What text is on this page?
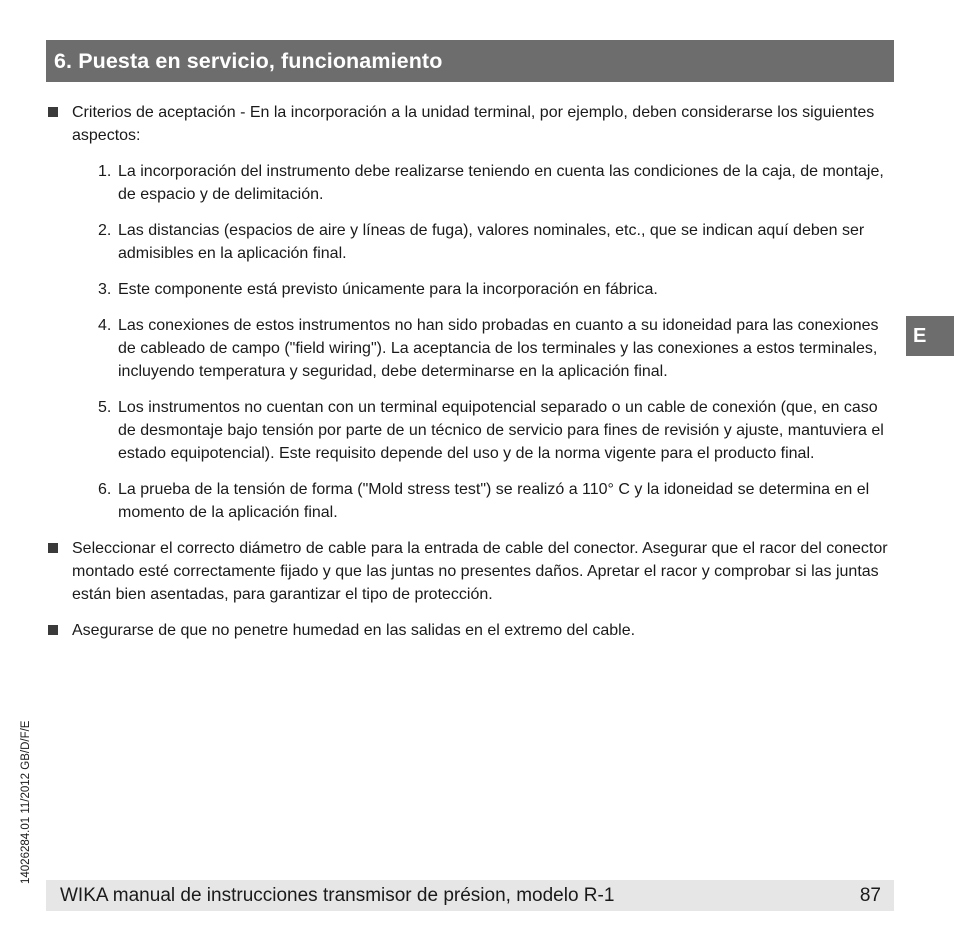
6. Puesta en servicio, funcionamiento

Criterios de aceptación - En la incorporación a la unidad terminal, por ejemplo, deben considerarse los siguientes aspectos:

1. La incorporación del instrumento debe realizarse teniendo en cuenta las condiciones de la caja, de montaje, de espacio y de delimitación.
2. Las distancias (espacios de aire y líneas de fuga), valores nominales, etc., que se indican aquí deben ser admisibles en la aplicación final.
3. Este componente está previsto únicamente para la incorporación en fábrica.
4. Las conexiones de estos instrumentos no han sido probadas en cuanto a su idoneidad para las conexiones de cableado de campo ("field wiring"). La aceptancia de los terminales y las conexiones a estos terminales, incluyendo temperatura y seguridad, debe determinarse en la aplicación final.
5. Los instrumentos no cuentan con un terminal equipotencial separado o un cable de conexión (que, en caso de desmontaje bajo tensión por parte de un técnico de servicio para fines de revisión y ajuste, mantuviera el estado equipotencial). Este requisito depende del uso y de la norma vigente para el producto final.
6. La prueba de la tensión de forma ("Mold stress test") se realizó a 110° C y la idoneidad se determina en el momento de la aplicación final.

Seleccionar el correcto diámetro de cable para la entrada de cable del conector. Asegurar que el racor del conector montado esté correctamente fijado y que las juntas no presentes daños. Apretar el racor y comprobar si las juntas están bien asentadas, para garantizar el tipo de protección.

Asegurarse de que no penetre humedad en las salidas en el extremo del cable.

E
14026284.01 11/2012 GB/D/F/E
WIKA manual de instrucciones transmisor de présion, modelo R-1	87
